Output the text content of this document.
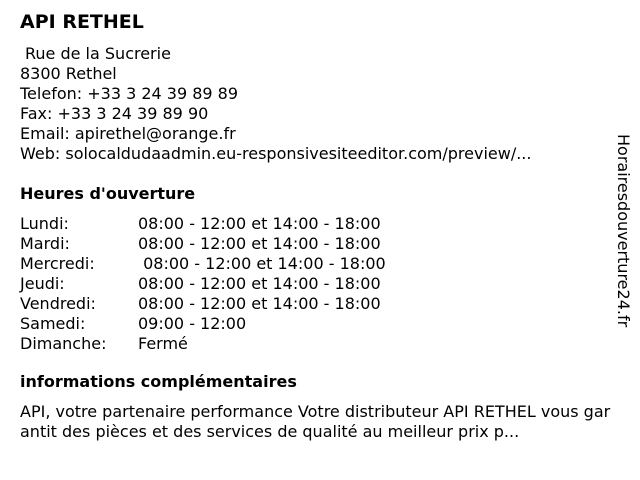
API RETHEL
Rue de la Sucrerie
8300 Rethel
Telefon: +33 3 24 39 89 89
Fax: +33 3 24 39 89 90
Email: apirethel@orange.fr
Web: solocaldudaadmin.eu-responsivesiteeditor.com/preview/...
Heures d'ouverture
Lundi:	08:00 - 12:00 et 14:00 - 18:00
Mardi:	08:00 - 12:00 et 14:00 - 18:00
Mercredi:	08:00 - 12:00 et 14:00 - 18:00
Jeudi:	08:00 - 12:00 et 14:00 - 18:00
Vendredi:	08:00 - 12:00 et 14:00 - 18:00
Samedi:	09:00 - 12:00
Dimanche:	Fermé
informations complémentaires
API, votre partenaire performance Votre distributeur API RETHEL vous garantit des pièces et des services de qualité au meilleur prix p...
Horairesdouverture24.fr
